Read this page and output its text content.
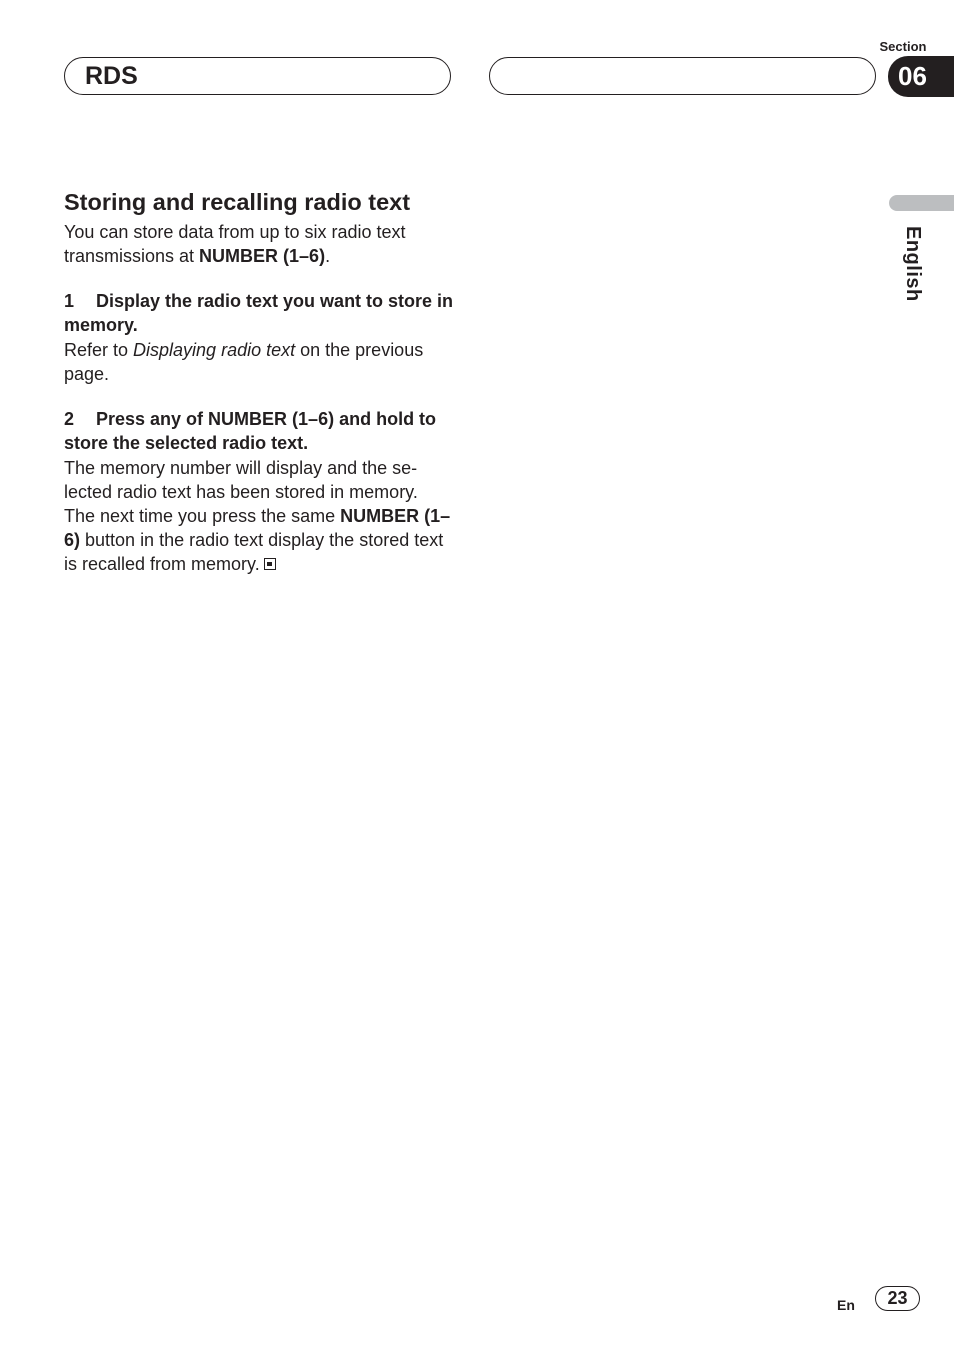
RDS
Section
06
English
Storing and recalling radio text

You can store data from up to six radio text transmissions at NUMBER (1–6).

1 Display the radio text you want to store in memory.

Refer to Displaying radio text on the previous page.

2 Press any of NUMBER (1–6) and hold to store the selected radio text.

The memory number will display and the se-lected radio text has been stored in memory.
The next time you press the same NUMBER (1–6) button in the radio text display the stored text is recalled from memory.

En	23
